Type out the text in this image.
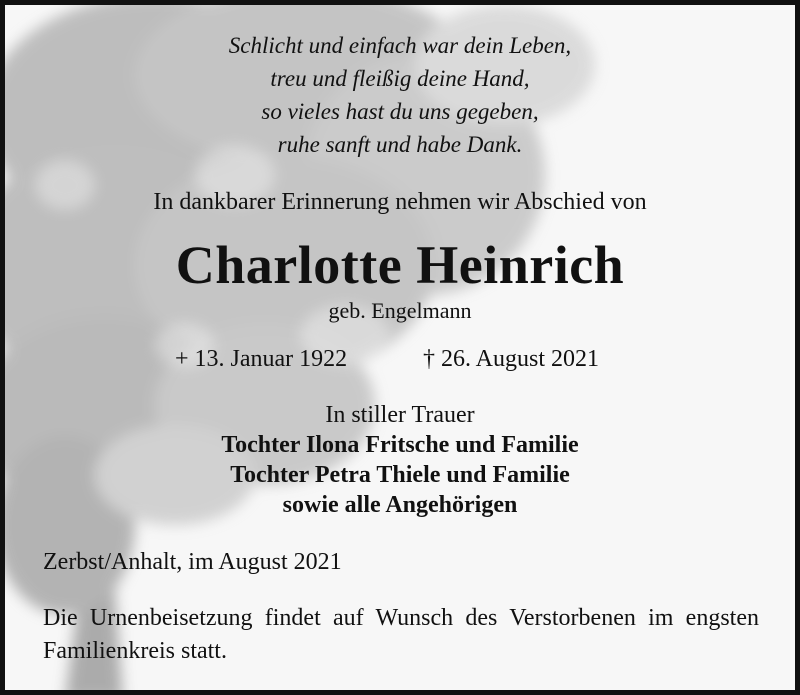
Schlicht und einfach war dein Leben,
treu und fleißig deine Hand,
so vieles hast du uns gegeben,
ruhe sanft und habe Dank.
In dankbarer Erinnerung nehmen wir Abschied von
Charlotte Heinrich
geb. Engelmann
+ 13. Januar 1922	† 26. August 2021
In stiller Trauer
Tochter Ilona Fritsche und Familie
Tochter Petra Thiele und Familie
sowie alle Angehörigen
Zerbst/Anhalt, im August 2021
Die Urnenbeisetzung findet auf Wunsch des Verstorbenen im engsten Familienkreis statt.
